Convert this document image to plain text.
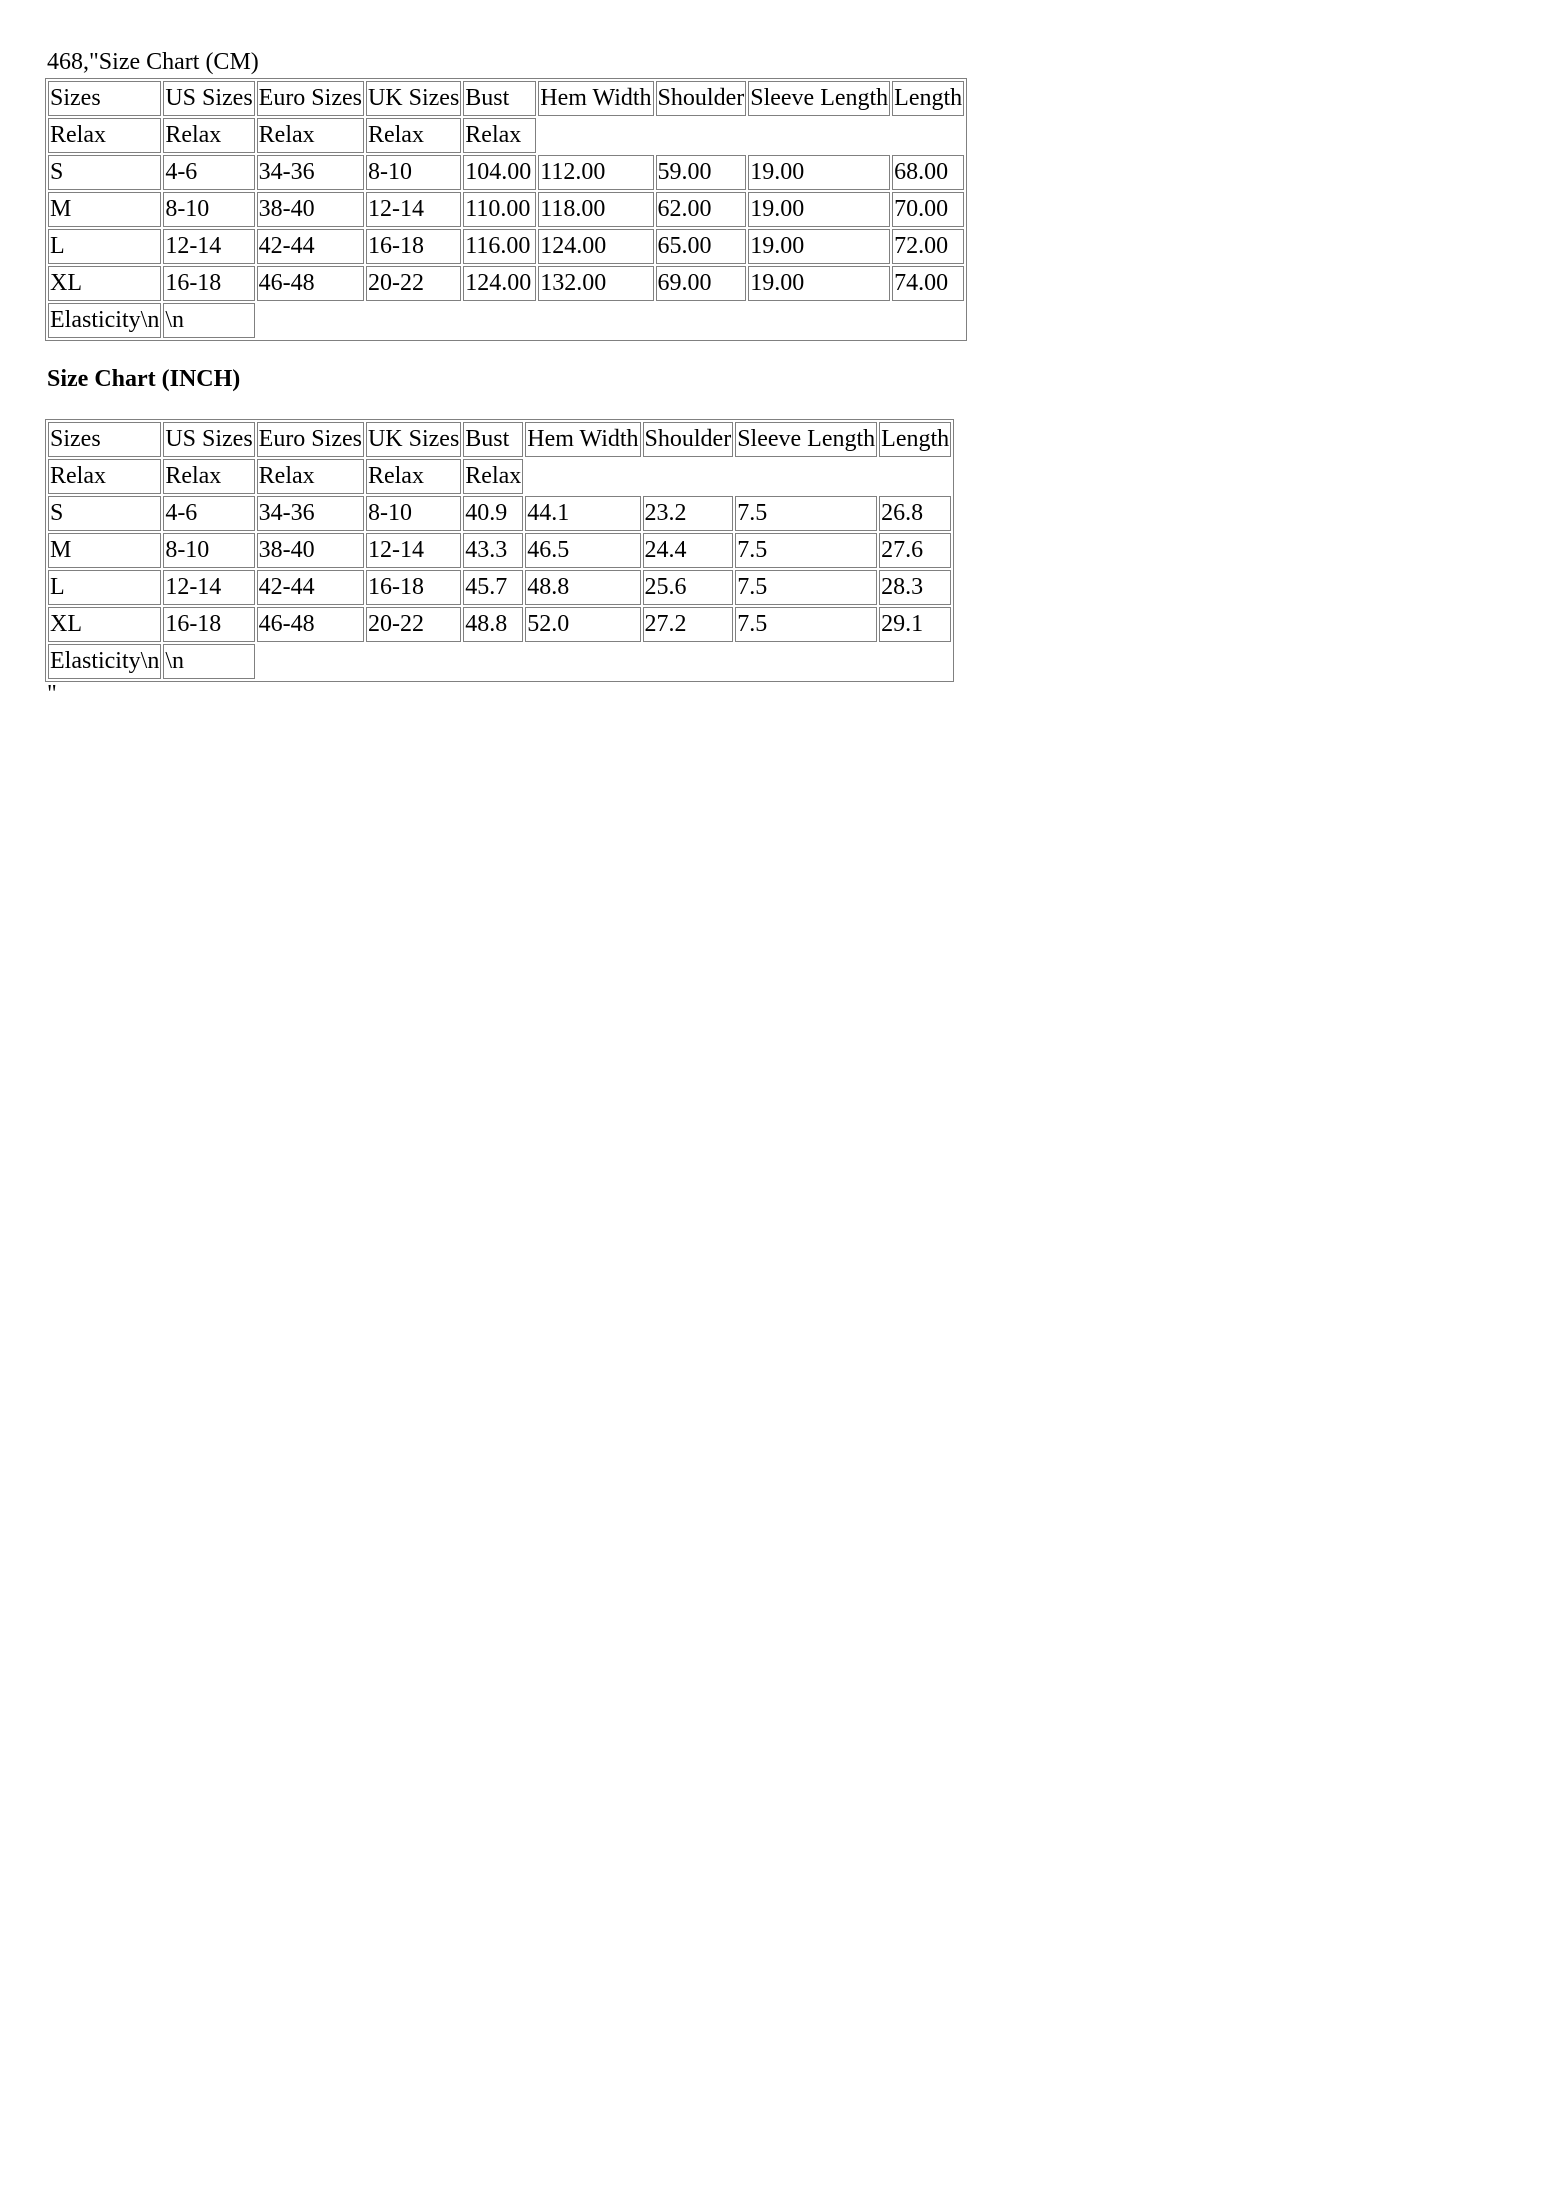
468,"Size Chart (CM)
Sizes	US Sizes	Euro Sizes	UK Sizes	Bust	Hem Width	Shoulder	Sleeve Length	Length
Relax	Relax	Relax	Relax	Relax				
S	4-6	34-36	8-10	104.00	112.00	59.00	19.00	68.00
M	8-10	38-40	12-14	110.00	118.00	62.00	19.00	70.00
L	12-14	42-44	16-18	116.00	124.00	65.00	19.00	72.00
XL	16-18	46-48	20-22	124.00	132.00	69.00	19.00	74.00
Elasticity\n	\n							
Size Chart (INCH)
Sizes	US Sizes	Euro Sizes	UK Sizes	Bust	Hem Width	Shoulder	Sleeve Length	Length
Relax	Relax	Relax	Relax	Relax				
S	4-6	34-36	8-10	40.9	44.1	23.2	7.5	26.8
M	8-10	38-40	12-14	43.3	46.5	24.4	7.5	27.6
L	12-14	42-44	16-18	45.7	48.8	25.6	7.5	28.3
XL	16-18	46-48	20-22	48.8	52.0	27.2	7.5	29.1
Elasticity\n	\n							
"
